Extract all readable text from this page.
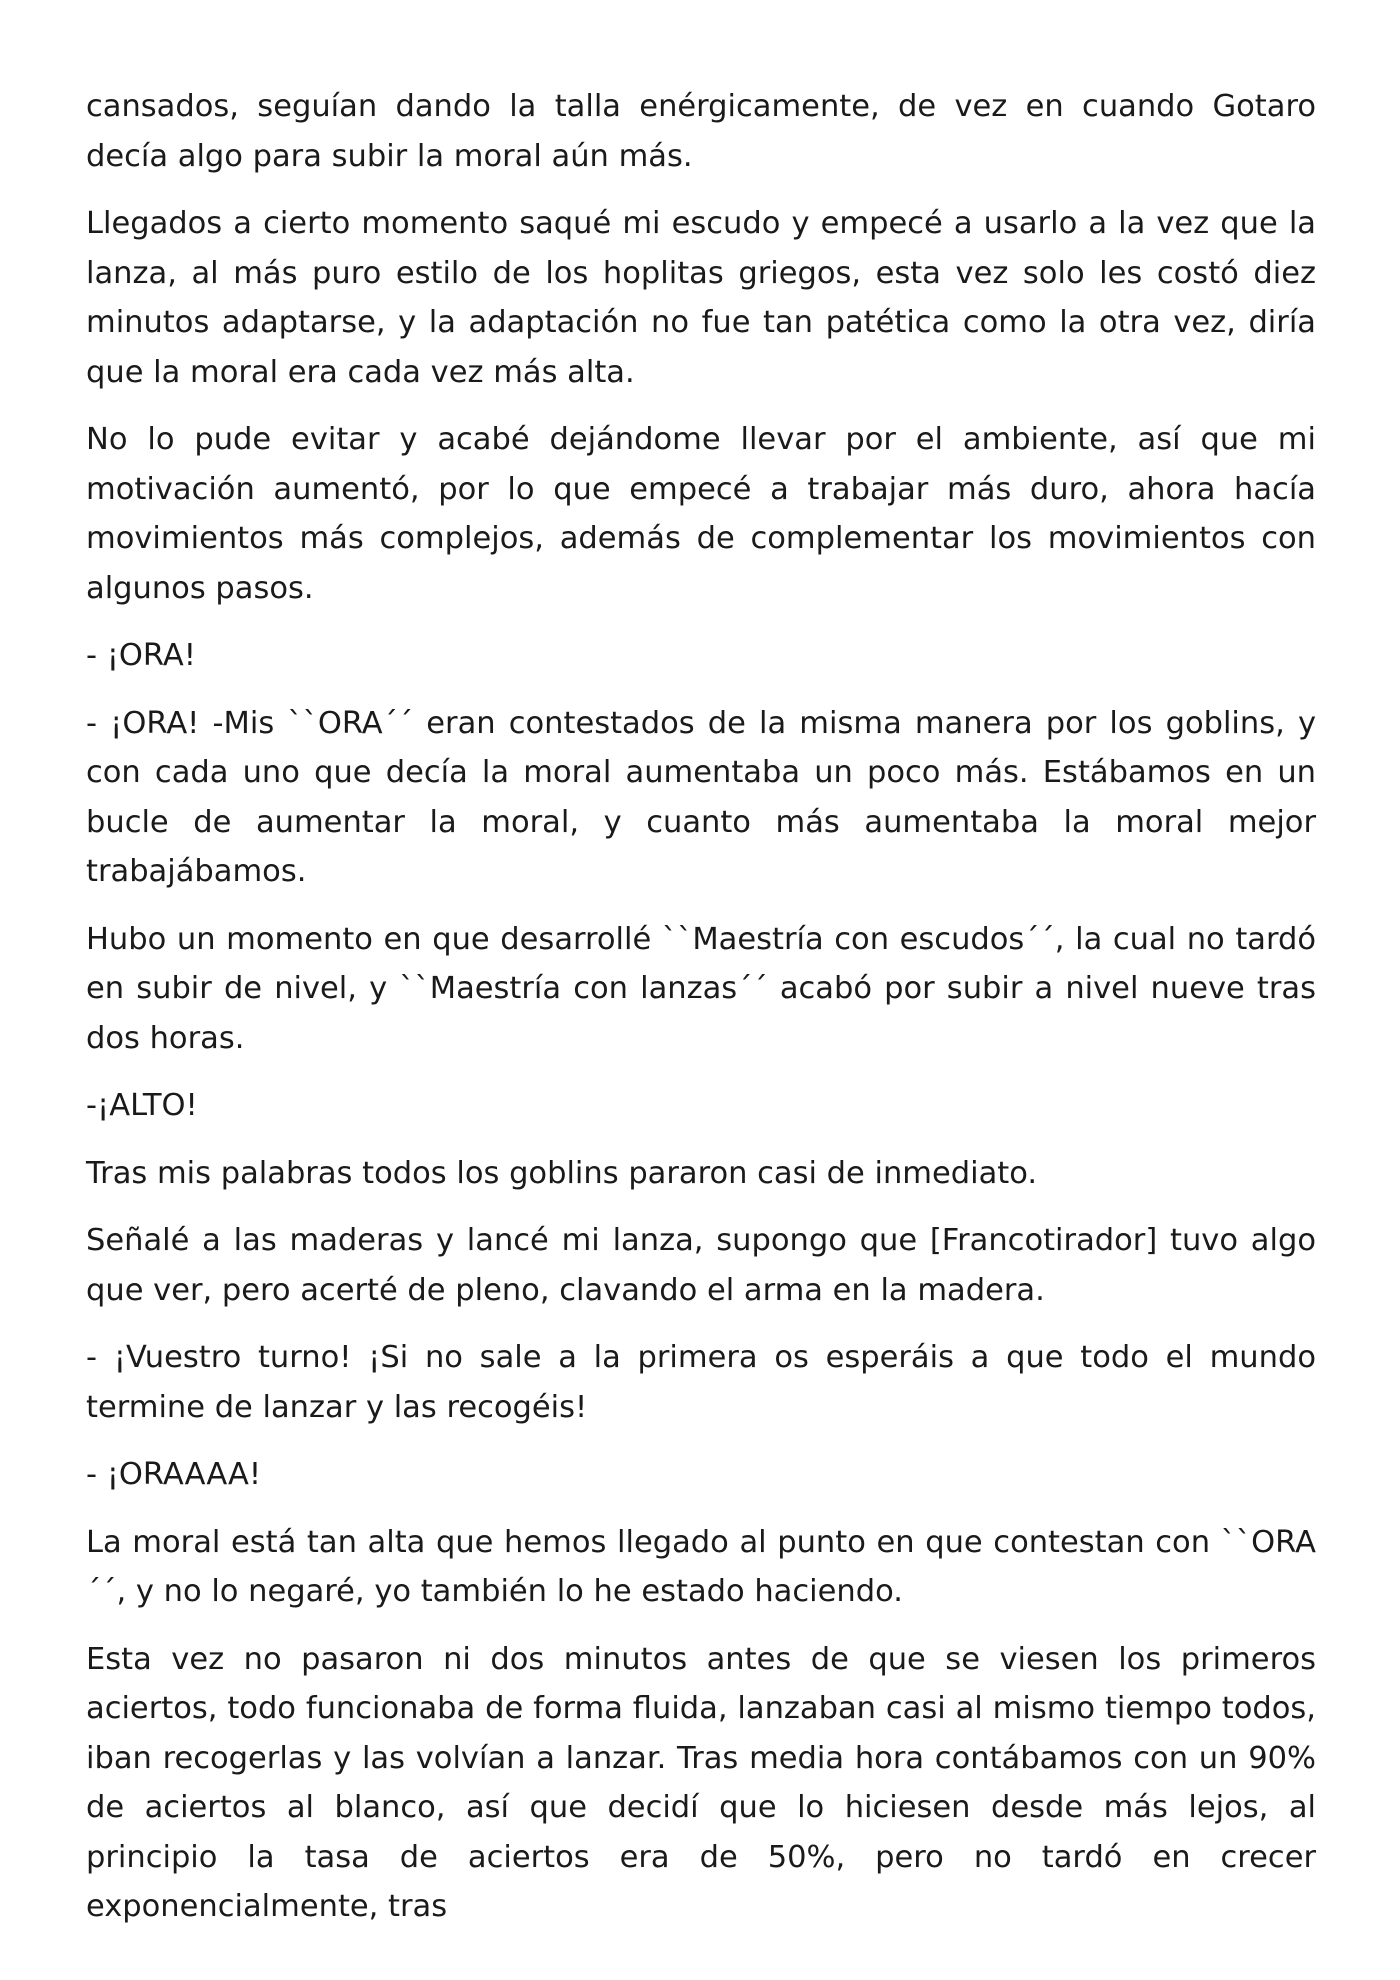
cansados, seguían dando la talla enérgicamente, de vez en cuando Gotaro decía algo para subir la moral aún más.

Llegados a cierto momento saqué mi escudo y empecé a usarlo a la vez que la lanza, al más puro estilo de los hoplitas griegos, esta vez solo les costó diez minutos adaptarse, y la adaptación no fue tan patética como la otra vez, diría que la moral era cada vez más alta.

No lo pude evitar y acabé dejándome llevar por el ambiente, así que mi motivación aumentó, por lo que empecé a trabajar más duro, ahora hacía movimientos más complejos, además de complementar los movimientos con algunos pasos.

- ¡ORA!

- ¡ORA! -Mis ``ORA´´ eran contestados de la misma manera por los goblins, y con cada uno que decía la moral aumentaba un poco más. Estábamos en un bucle de aumentar la moral, y cuanto más aumentaba la moral mejor trabajábamos.

Hubo un momento en que desarrollé ``Maestría con escudos´´, la cual no tardó en subir de nivel, y ``Maestría con lanzas´´ acabó por subir a nivel nueve tras dos horas.

-¡ALTO!

Tras mis palabras todos los goblins pararon casi de inmediato.

Señalé a las maderas y lancé mi lanza, supongo que [Francotirador] tuvo algo que ver, pero acerté de pleno, clavando el arma en la madera.

- ¡Vuestro turno! ¡Si no sale a la primera os esperáis a que todo el mundo termine de lanzar y las recogéis!

- ¡ORAAAA!

La moral está tan alta que hemos llegado al punto en que contestan con ``ORA´´, y no lo negaré, yo también lo he estado haciendo.

Esta vez no pasaron ni dos minutos antes de que se viesen los primeros aciertos, todo funcionaba de forma fluida, lanzaban casi al mismo tiempo todos, iban recogerlas y las volvían a lanzar. Tras media hora contábamos con un 90% de aciertos al blanco, así que decidí que lo hiciesen desde más lejos, al principio la tasa de aciertos era de 50%, pero no tardó en crecer exponencialmente, tras
